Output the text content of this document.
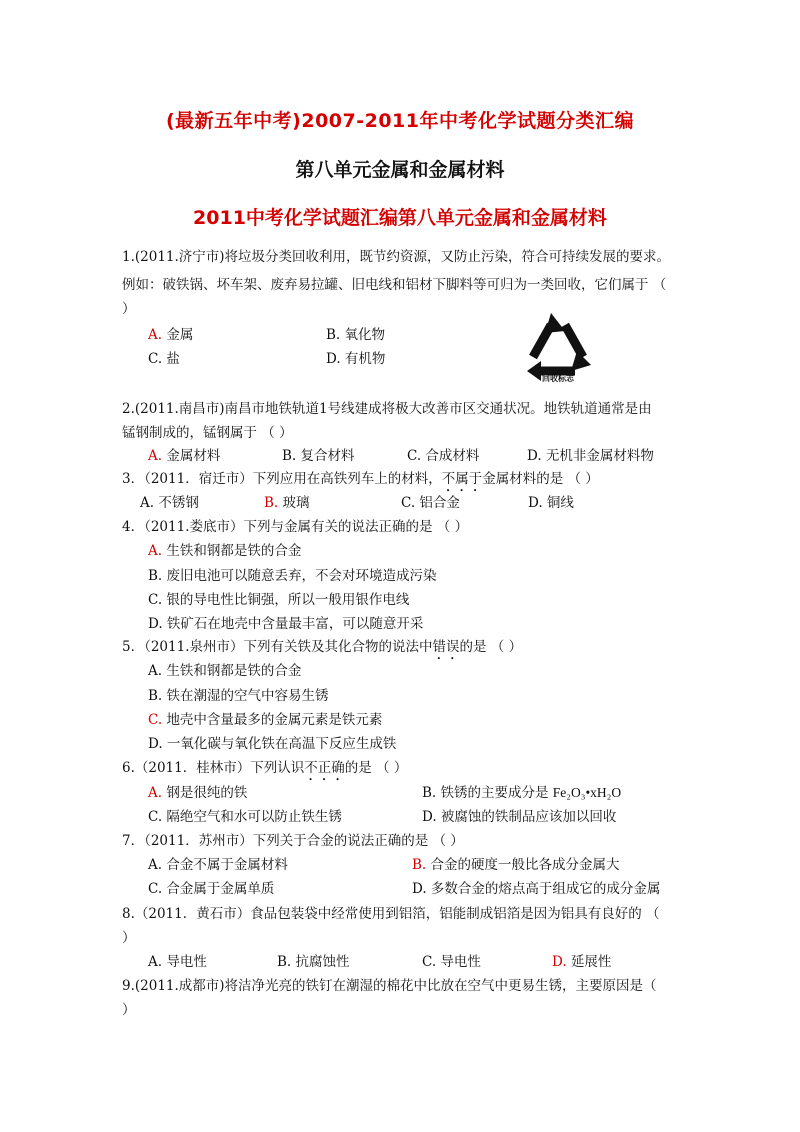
(最新五年中考)2007-2011年中考化学试题分类汇编
第八单元金属和金属材料
2011中考化学试题汇编第八单元金属和金属材料
1.(2011.济宁市)将垃圾分类回收利用，既节约资源，又防止污染，符合可持续发展的要求。
例如：破铁锅、坏车架、废弃易拉罐、旧电线和铝材下脚料等可归为一类回收，它们属于 （
）
A. 金属	B. 氧化物
C. 盐	D. 有机物
回收标志
2.(2011.南昌市)南昌市地铁轨道1号线建成将极大改善市区交通状况。地铁轨道通常是由
锰钢制成的，锰钢属于 （ ）
A. 金属材料	B. 复合材料	C. 合成材料	D. 无机非金属材料物
3．（2011．宿迁市）下列应用在高铁列车上的材料，不属于金属材料的是 （ ）
A. 不锈钢	B. 玻璃	C. 铝合金	D. 铜线
4．（2011.娄底市）下列与金属有关的说法正确的是 （ ）
A. 生铁和钢都是铁的合金
B. 废旧电池可以随意丢弃，不会对环境造成污染
C. 银的导电性比铜强，所以一般用银作电线
D. 铁矿石在地壳中含量最丰富，可以随意开采
5．（2011.泉州市）下列有关铁及其化合物的说法中错误的是 （ ）
A. 生铁和钢都是铁的合金
B. 铁在潮湿的空气中容易生锈
C. 地壳中含量最多的金属元素是铁元素
D. 一氧化碳与氧化铁在高温下反应生成铁
6.（2011．桂林市）下列认识不正确的是 （ ）
A. 钢是很纯的铁	B. 铁锈的主要成分是 Fe₂O₃•xH₂O
C. 隔绝空气和水可以防止铁生锈	D. 被腐蚀的铁制品应该加以回收
7．（2011．苏州市）下列关于合金的说法正确的是 （ ）
A. 合金不属于金属材料	B. 合金的硬度一般比各成分金属大
C. 合金属于金属单质	D. 多数合金的熔点高于组成它的成分金属
8.（2011．黄石市）食品包装袋中经常使用到铝箔，铝能制成铝箔是因为铝具有良好的 （
）
A. 导电性	B. 抗腐蚀性	C. 导电性	D. 延展性
9.(2011.成都市)将洁净光亮的铁钉在潮湿的棉花中比放在空气中更易生锈，主要原因是（
）
